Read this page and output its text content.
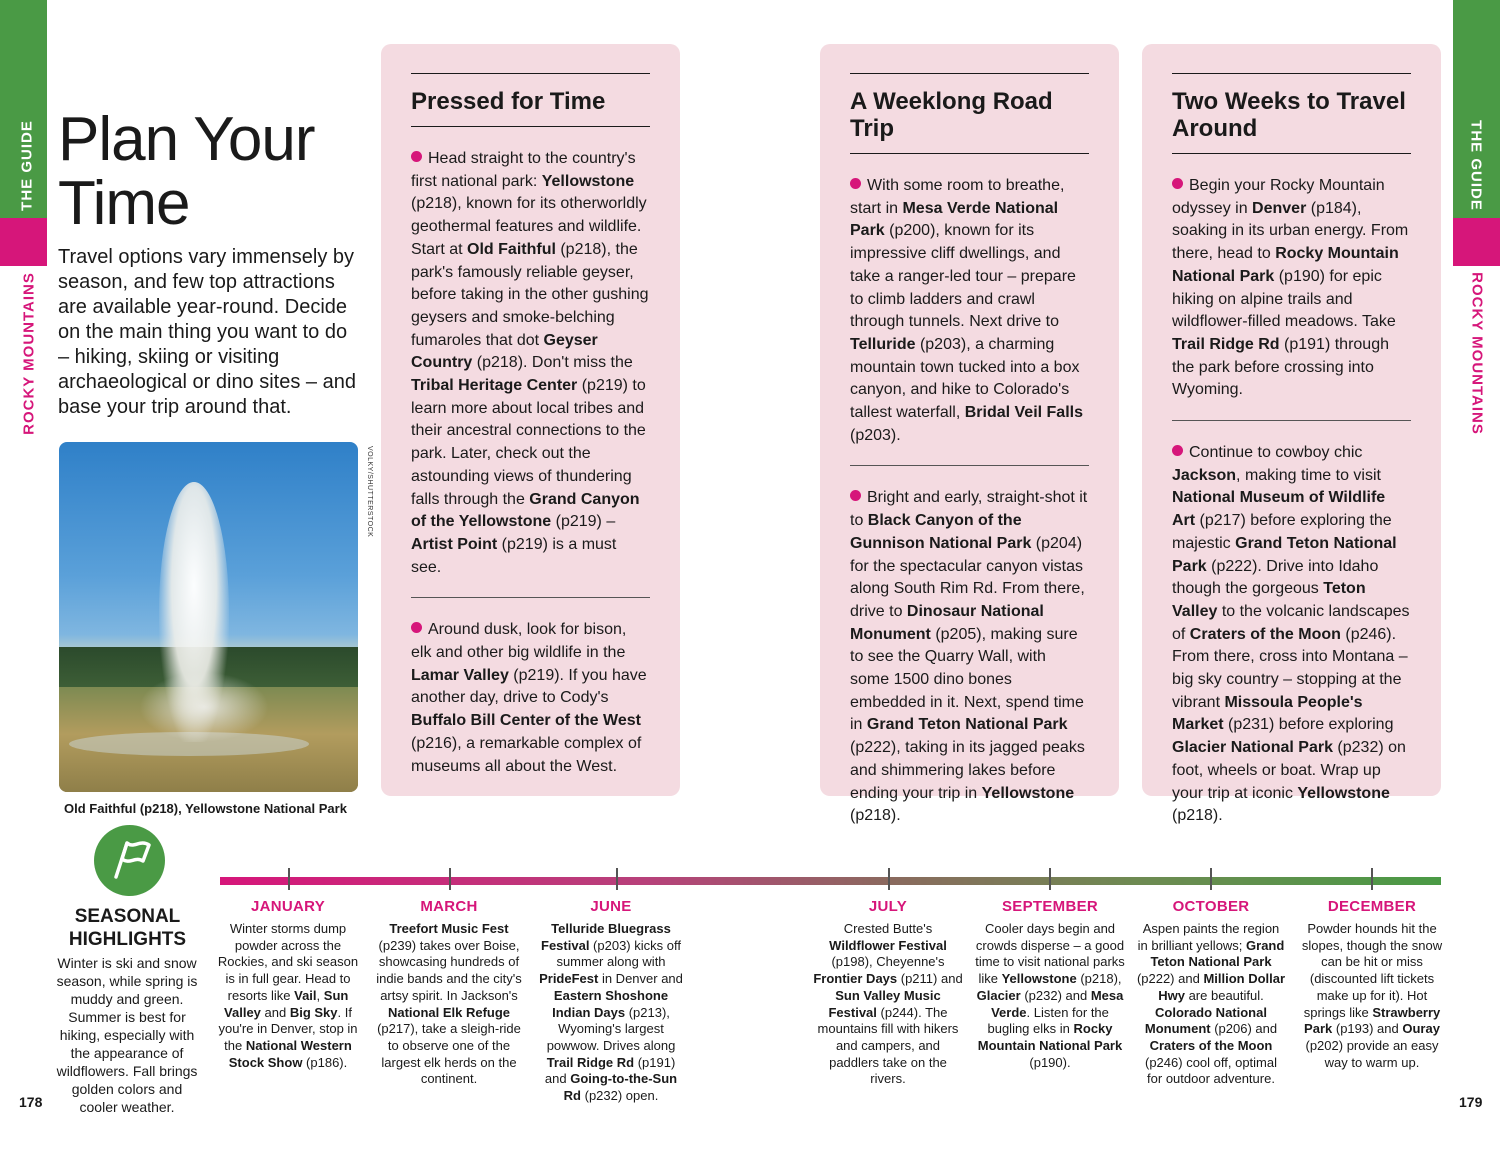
THE GUIDE
ROCKY MOUNTAINS
178
THE GUIDE
ROCKY MOUNTAINS
179
Plan Your
Time

Travel options vary immensely by season, and few top attractions are available year-round. Decide on the main thing you want to do – hiking, skiing or visiting archaeological or dino sites – and base your trip around that.

VOLKY/SHUTTERSTOCK
Old Faithful (p218), Yellowstone National Park
Pressed for Time

Head straight to the country's first national park: Yellowstone (p218), known for its otherworldly geothermal features and wildlife. Start at Old Faithful (p218), the park's famously reliable geyser, before taking in the other gushing geysers and smoke-belching fumaroles that dot Geyser Country (p218). Don't miss the Tribal Heritage Center (p219) to learn more about local tribes and their ancestral connections to the park. Later, check out the astounding views of thundering falls through the Grand Canyon of the Yellowstone (p219) – Artist Point (p219) is a must see.

Around dusk, look for bison, elk and other big wildlife in the Lamar Valley (p219). If you have another day, drive to Cody's Buffalo Bill Center of the West (p216), a remarkable complex of museums all about the West.

A Weeklong Road Trip

With some room to breathe, start in Mesa Verde National Park (p200), known for its impressive cliff dwellings, and take a ranger-led tour – prepare to climb ladders and crawl through tunnels. Next drive to Telluride (p203), a charming mountain town tucked into a box canyon, and hike to Colorado's tallest waterfall, Bridal Veil Falls (p203).

Bright and early, straight-shot it to Black Canyon of the Gunnison National Park (p204) for the spectacular canyon vistas along South Rim Rd. From there, drive to Dinosaur National Monument (p205), making sure to see the Quarry Wall, with some 1500 dino bones embedded in it. Next, spend time in Grand Teton National Park (p222), taking in its jagged peaks and shimmering lakes before ending your trip in Yellowstone (p218).

Two Weeks to Travel Around

Begin your Rocky Mountain odyssey in Denver (p184), soaking in its urban energy. From there, head to Rocky Mountain National Park (p190) for epic hiking on alpine trails and wildflower-filled meadows. Take Trail Ridge Rd (p191) through the park before crossing into Wyoming.

Continue to cowboy chic Jackson, making time to visit National Museum of Wildlife Art (p217) before exploring the majestic Grand Teton National Park (p222). Drive into Idaho though the gorgeous Teton Valley to the volcanic landscapes of Craters of the Moon (p246). From there, cross into Montana – big sky country – stopping at the vibrant Missoula People's Market (p231) before exploring Glacier National Park (p232) on foot, wheels or boat. Wrap up your trip at iconic Yellowstone (p218).

SEASONAL
HIGHLIGHTS

Winter is ski and snow season, while spring is muddy and green. Summer is best for hiking, especially with the appearance of wildflowers. Fall brings golden colors and cooler weather.

JANUARY
Winter storms dump powder across the Rockies, and ski season is in full gear. Head to resorts like Vail, Sun Valley and Big Sky. If you're in Denver, stop in the National Western Stock Show (p186).
MARCH
Treefort Music Fest (p239) takes over Boise, showcasing hundreds of indie bands and the city's artsy spirit. In Jackson's National Elk Refuge (p217), take a sleigh-ride to observe one of the largest elk herds on the continent.
JUNE
Telluride Bluegrass Festival (p203) kicks off summer along with PrideFest in Denver and Eastern Shoshone Indian Days (p213), Wyoming's largest powwow. Drives along Trail Ridge Rd (p191) and Going-to-the-Sun Rd (p232) open.
JULY
Crested Butte's Wildflower Festival (p198), Cheyenne's Frontier Days (p211) and Sun Valley Music Festival (p244). The mountains fill with hikers and campers, and paddlers take on the rivers.
SEPTEMBER
Cooler days begin and crowds disperse – a good time to visit national parks like Yellowstone (p218), Glacier (p232) and Mesa Verde. Listen for the bugling elks in Rocky Mountain National Park (p190).
OCTOBER
Aspen paints the region in brilliant yellows; Grand Teton National Park (p222) and Million Dollar Hwy are beautiful. Colorado National Monument (p206) and Craters of the Moon (p246) cool off, optimal for outdoor adventure.
DECEMBER
Powder hounds hit the slopes, though the snow can be hit or miss (discounted lift tickets make up for it). Hot springs like Strawberry Park (p193) and Ouray (p202) provide an easy way to warm up.
